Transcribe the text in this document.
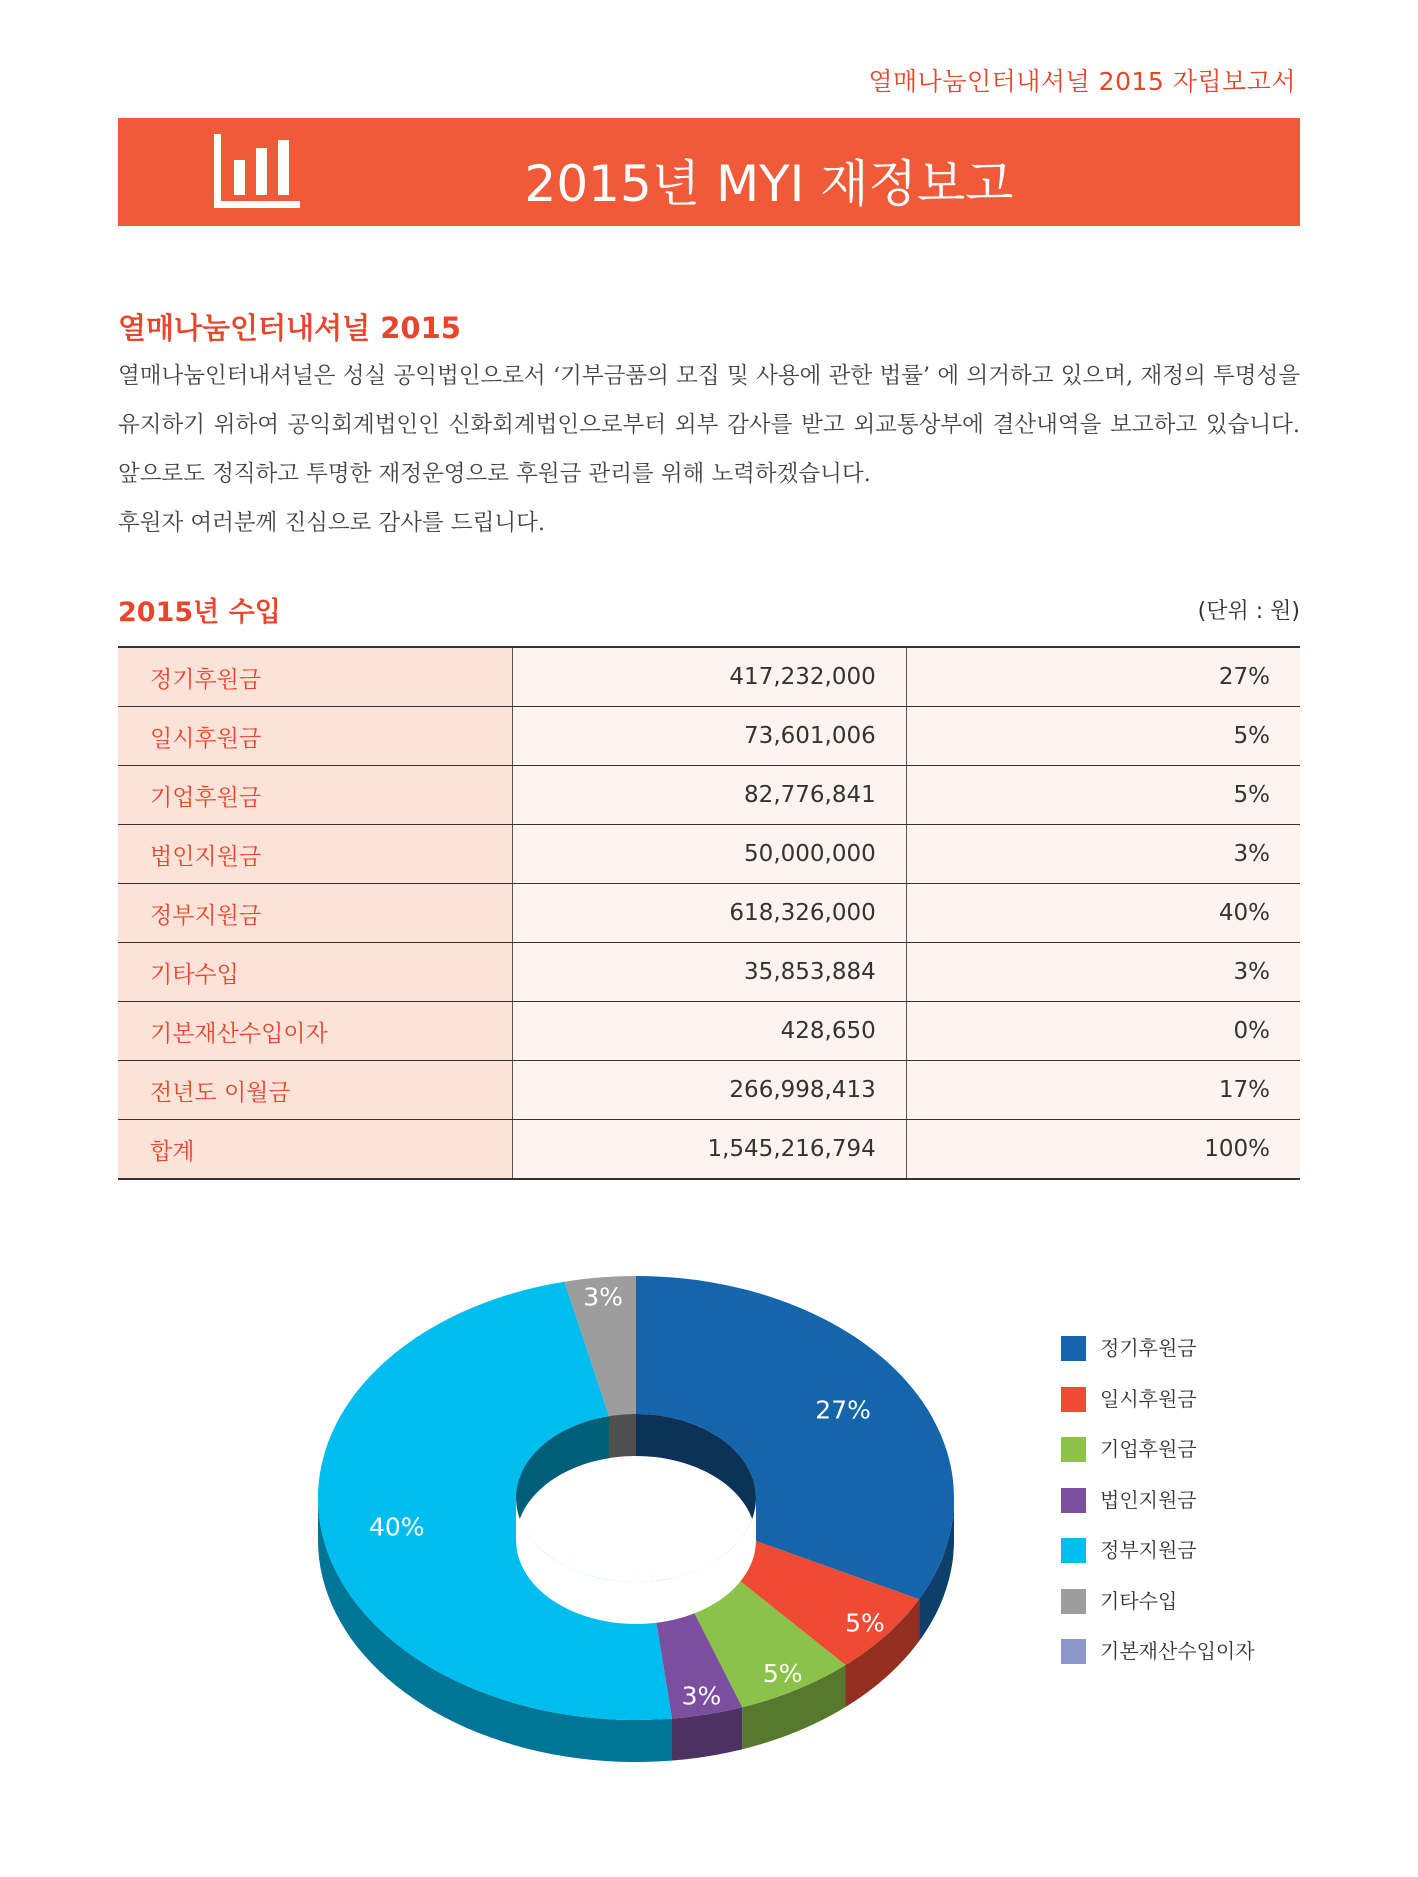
열매나눔인터내셔널 2015 자립보고서
2015년 MYI 재정보고
열매나눔인터내셔널 2015

열매나눔인터내셔널은 성실 공익법인으로서 ‘기부금품의 모집 및 사용에 관한 법률’ 에 의거하고 있으며, 재정의 투명성을 유지하기 위하여 공익회계법인인 신화회계법인으로부터 외부 감사를 받고 외교통상부에 결산내역을 보고하고 있습니다. 앞으로도 정직하고 투명한 재정운영으로 후원금 관리를 위해 노력하겠습니다.

후원자 여러분께 진심으로 감사를 드립니다.

2015년 수입	(단위 : 원)
정기후원금	417,232,000	27%
일시후원금	73,601,006	5%
기업후원금	82,776,841	5%
법인지원금	50,000,000	3%
정부지원금	618,326,000	40%
기타수입	35,853,884	3%
기본재산수입이자	428,650	0%
전년도 이월금	266,998,413	17%
합계	1,545,216,794	100%
27%
5%
5%
3%
40%
3%
정기후원금
일시후원금
기업후원금
법인지원금
정부지원금
기타수입
기본재산수입이자
